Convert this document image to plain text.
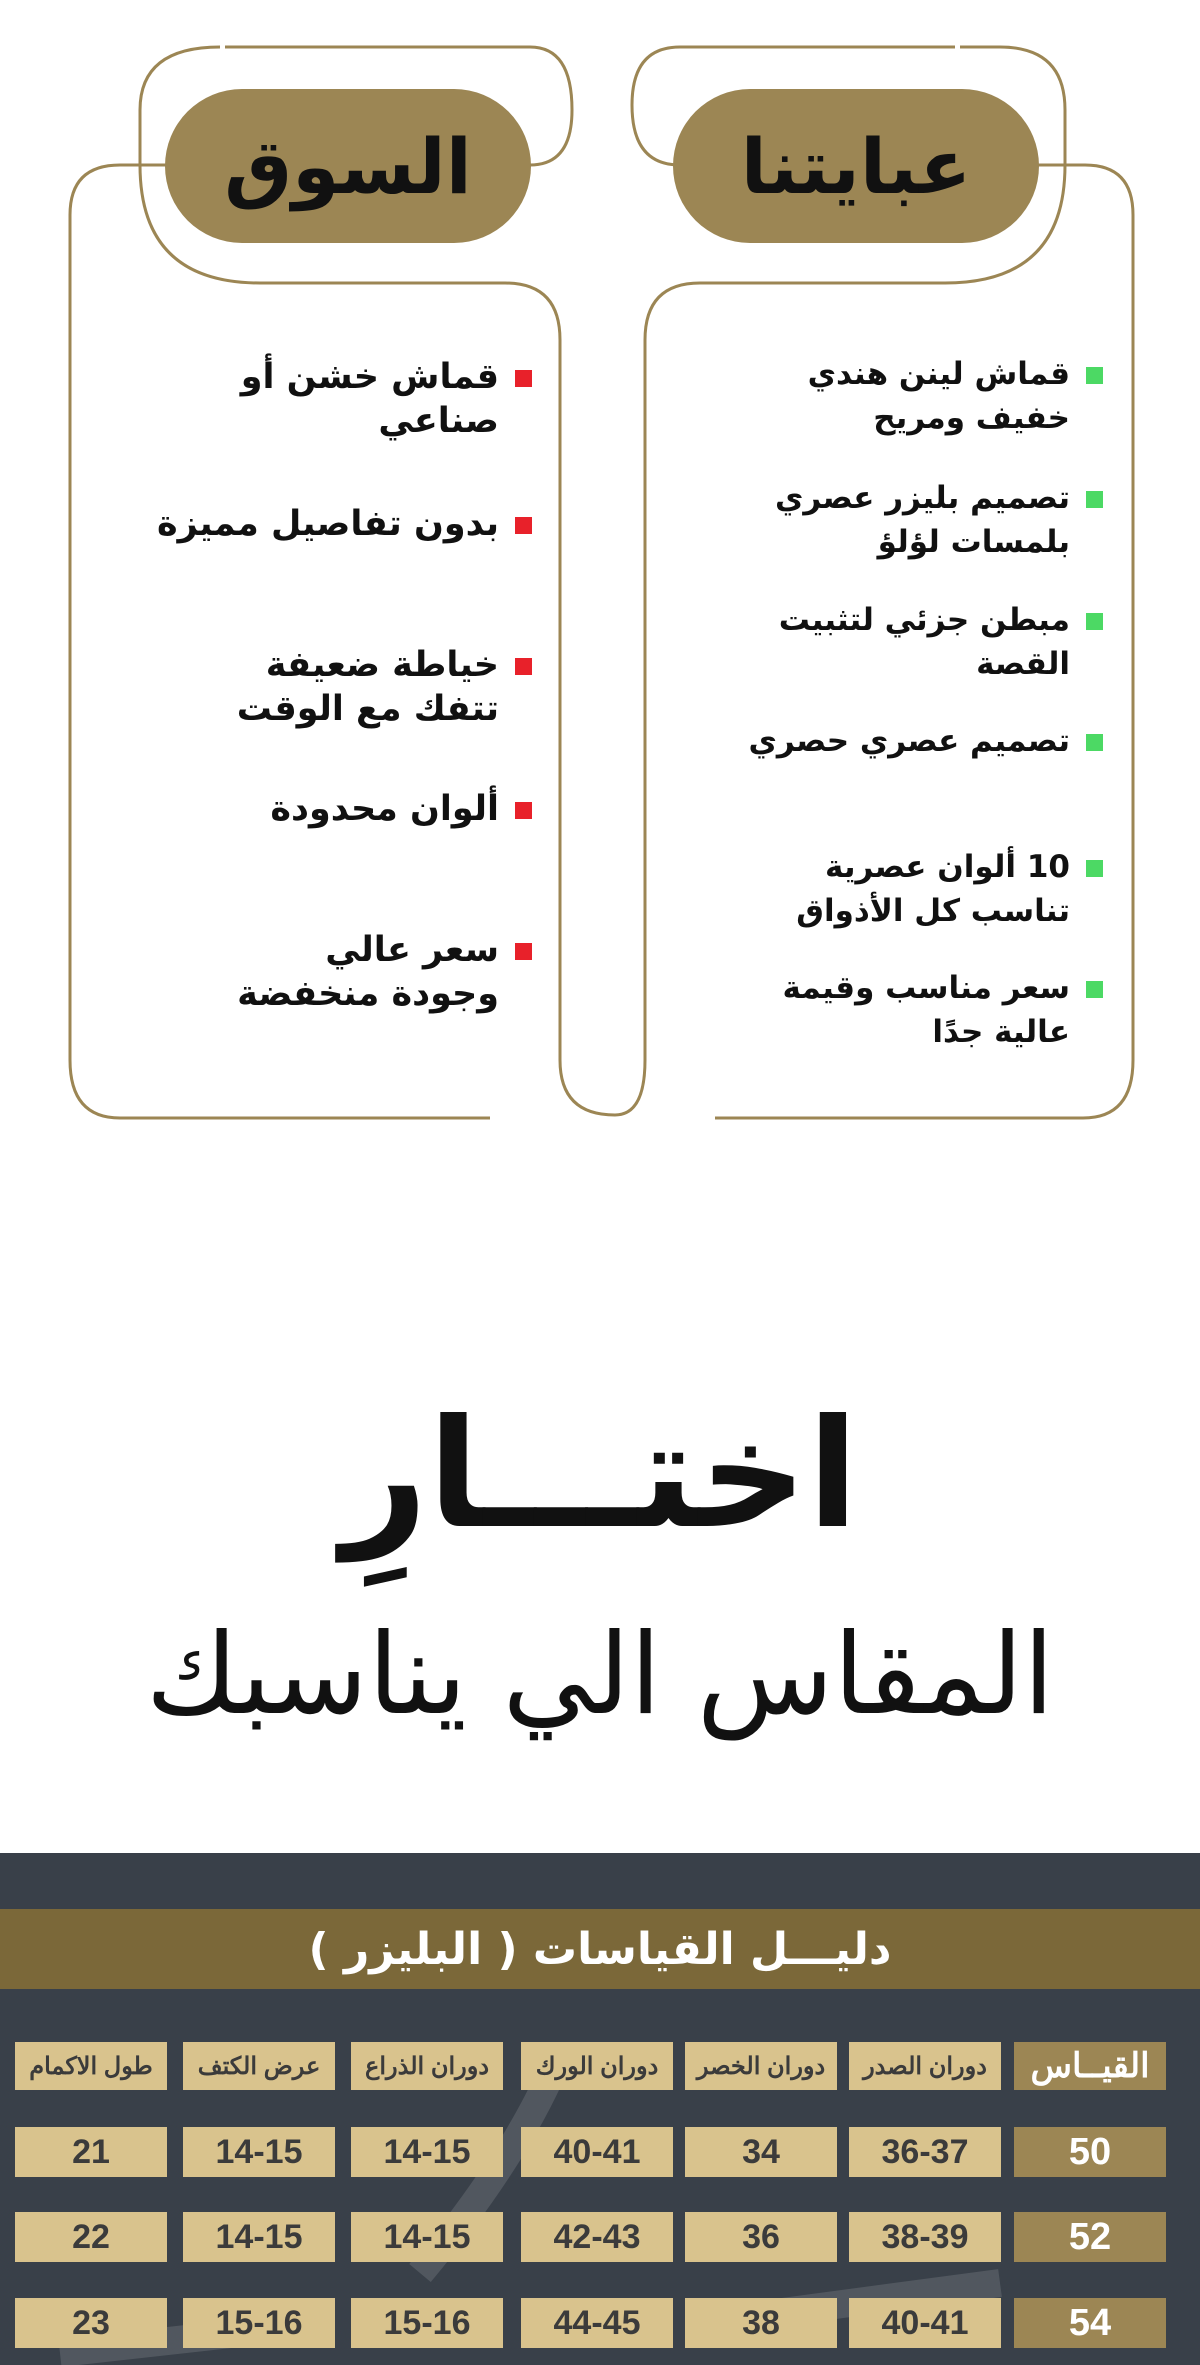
عبايتنا
السوق
قماش لينن هندي
خفيف ومريح
تصميم بليزر عصري
بلمسات لؤلؤ
مبطن جزئي لتثبيت القصة
تصميم عصري حصري
10 ألوان عصرية
تناسب كل الأذواق
سعر مناسب وقيمة
عالية جدًا
قماش خشن أو صناعي
بدون تفاصيل مميزة
خياطة ضعيفة
تتفك مع الوقت
ألوان محدودة
سعر عالي
وجودة منخفضة
اختـــارِ
المقاس الي يناسبك
دليـــل القياسات ( البليزر )
القيــاس
دوران الصدر
دوران الخصر
دوران الورك
دوران الذراع
عرض الكتف
طول الاكمام
50
36-37
34
40-41
14-15
14-15
21
52
38-39
36
42-43
14-15
14-15
22
54
40-41
38
44-45
15-16
15-16
23
